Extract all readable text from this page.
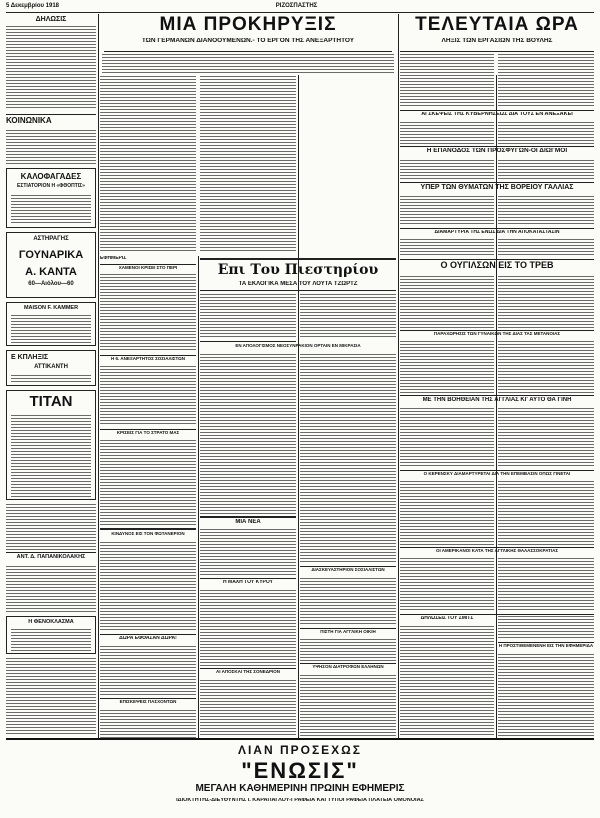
5 Δεκεμβρίου 1918	ΡΙΖΟΣΠΑΣΤΗΣ
ΔΗΛΩΣΙΣ
ΚΟΙΝΩΝΙΚΑ
ΚΑΛΟΦΑΓΑΔΕΣ
ΕΣΤΙΑΤΟΡΙΟΝ Η «ΦΘΟΠΤΙΣ»
ΑΣΤΗΡΑΓΗΣ
ΓΟΥΝΑΡΙΚΑ
Α. ΚΑΝΤΑ
60—Αιόλου—60
MAISON F. KAMMER
Ε ΚΠΛΗΞΙΣ
ΑΤΤΙΚΑΝΤΗ
ΤΙΤΑΝ
ΑΝΤ. Δ. ΠΑΠΑΝΙΚΟΛΑΚΗΣ
Η ΦΕΝΟΚΛΑΣΜΑ
ΜΙΑ ΠΡΟΚΗΡΥΞΙΣ
ΤΩΝ ΓΕΡΜΑΝΩΝ ΔΙΑΝΟΟΥΜΕΝΩΝ.- ΤΟ ΕΡΓΟΝ ΤΗΣ ΑΝΕΞΑΡΤΗΤΟΥ
ΕΦΗΜΕΡΙΣ
ΧΑΜΕΝΟΙ ΚΡΙΣΕΙ ΣΤΟ ΠΕΡΙ
Η 6. ΑΝΕΞΑΡΤΗΤΟΣ ΣΟΣΙΑΛΙΣΤΩΝ
ΚΡΙΣΕΙΣ ΓΙΑ ΤΟ ΣΤΡΑΤΟ ΜΑΣ
ΚΙΝΔΥΝΟΣ ΕΙΣ ΤΟΝ ΦΩΤΑΝΕΡΙΟΝ
ΔΩΡΑ ΕΦΘΑΣΑΝ ΔΩΡΑ!
ΕΠΙΣΚΕΨΕΙΣ ΠΑΣΧΟΝΤΩΝ
Επι Του Πιεστηρίου
ΤΑ ΕΚΛΟΓΙΚΑ ΜΕΣΑ ΤΟΥ ΛΟΥΤΑ ΤΖΩΡΤΖ
ΜΙΑ ΝΕΑ
Η ΜΑΧΗ ΤΟΥ ΚΥΡΟΥ
ΑΙ ΑΠΟΣΚΑΙ ΤΗΣ ΣΟΝΕΔΡΙΟΝ
ΕΝ ΑΠΟΛΟΓΙΣΜΟΣ ΝΕΟΣΥΝΡΑΚΙΟΝ ΟΡΤΑΙΝ ΕΝ ΜΙΚΡΑΣΙΑ
ΔΙΑΣΚΕΥΑΣΤΗΡΙΟΝ ΣΟΣΙΑΛΙΣΤΩΝ
ΠΙΣΤΗ ΓΙΑ ΑΓΓΛΙΚΗ ΟΙΚΙΗ
ΥΨΗΣΟΝ ΔΙΑΤΡΟΦΩΝ ΕΛΛΗΝΩΝ
ΤΕΛΕΥΤΑΙΑ ΩΡΑ
ΛΗΞΙΣ ΤΩΝ ΕΡΓΑΣΙΩΝ ΤΗΣ ΒΟΥΛΗΣ
ΑΙ ΣΚΕΨΕΙΣ ΤΗΣ ΚΥΒΕΡΝΗΣΕΩΣ ΔΙΑ ΤΟΥΣ ΕΝ ΑΝΕΞΑΚΕΙ
Η ΕΠΑΝΟΔΟΣ ΤΩΝ ΠΡΟΣΦΥΓΩΝ-ΟΙ ΔΙΩΓΜΟΙ
ΥΠΕΡ ΤΩΝ ΘΥΜΑΤΩΝ ΤΗΣ ΒΟΡΕΙΟΥ ΓΑΛΛΙΑΣ
ΔΙΑΜΑΡΤΥΡΙΑ ΤΗΣ ΕΝΩΣ ΔΙΑ ΤΗΝ ΑΠΟΚΑΤΑΣΤΑΣΙΝ
Ο ΟΥΓΙΛΣΩΝ ΕΙΣ ΤΟ ΤΡΕΒ
ΠΑΡΑΧΩΡΗΣΙΣ ΤΩΝ ΓΥΝΑΙΚΩΝ ΤΗΣ ΔΙΑΣ ΤΑΣ ΜΕΤΑΝΟΙΑΣ
ΜΕ ΤΗΝ ΒΟΗΘΕΙΑΝ ΤΗΣ ΑΓΓΛΙΑΣ ΚΙ' ΑΥΤΟ ΘΑ ΓΙΝΗ
Ο ΚΕΡΕΝΣΚΥ ΔΙΑΜΑΡΤΥΡΕΤΑΙ ΔΙΑ ΤΗΝ ΕΠΕΜΒΑΣΙΝ ΟΠΩΣ ΓΙΝΕΤΑΙ
ΟΙ ΑΜΕΡΙΚΑΝΟΙ ΚΑΤΑ ΤΗΣ ΑΓΓΛΙΚΗΣ ΘΑΛΑΣΣΟΚΡΑΤΙΑΣ
ΔΗΛΩΣΕΙΣ ΤΟΥ ΣΜΙΤΣ
Η ΠΡΟΣΤΙΘΕΜΕΝΕΝΗ ΕΙΣ ΤΗΝ ΕΦΗΜΕΡΙΔΑ
ΛΙΑΝ ΠΡΟΣΕΧΩΣ
"ΕΝΩΣΙΣ"
ΜΕΓΑΛΗ ΚΑΘΗΜΕΡΙΝΗ ΠΡΩΙΝΗ ΕΦΗΜΕΡΙΣ
ΙΔΙΟΚΤΗΤΗΣ-ΔΙΕΥΘΥΝΤΗΣ Ι. ΚΑΡΑΠΑΓΛΟΥ-ΓΡΑΦΕΙΑ ΚΑΙ ΤΥΠΟΓΡΑΦΕΙΑ ΠΛΑΤΕΙΑ ΟΜΟΝΟΙΑΣ
